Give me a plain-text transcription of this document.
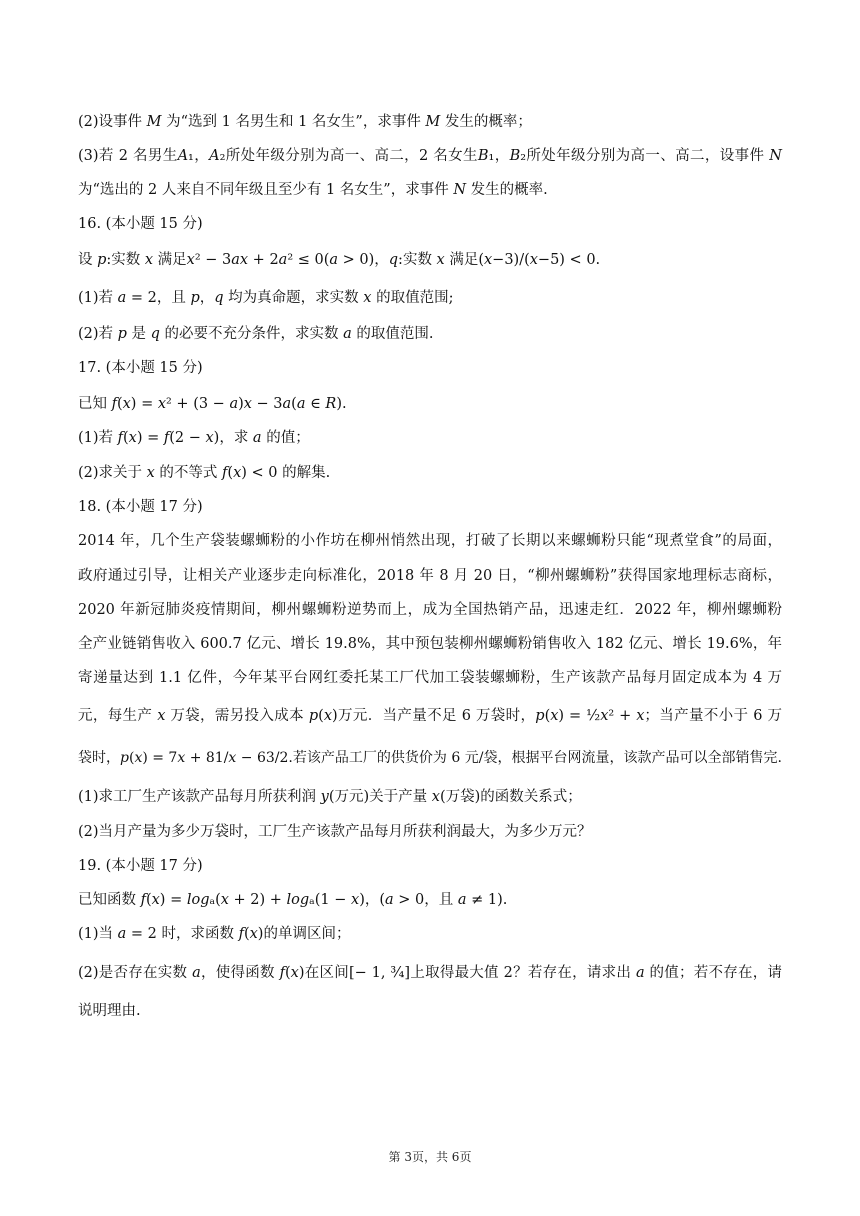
(2)设事件 𝑀 为“选到 1 名男生和 1 名女生”，求事件 𝑀 发生的概率；
(3)若 2 名男生𝐴₁，𝐴₂所处年级分别为高一、高二，2 名女生𝐵₁，𝐵₂所处年级分别为高一、高二，设事件 𝑁
为“选出的 2 人来自不同年级且至少有 1 名女生”，求事件 𝑁 发生的概率.
16. (本小题 15 分)
设 𝑝:实数 𝑥 满足𝑥² − 3𝑎𝑥 + 2𝑎² ≤ 0(𝑎 > 0)，𝑞:实数 𝑥 满足(𝑥−3)/(𝑥−5) < 0.
(1)若 𝑎 = 2，且 𝑝，𝑞 均为真命题，求实数 𝑥 的取值范围;
(2)若 𝑝 是 𝑞 的必要不充分条件，求实数 𝑎 的取值范围.
17. (本小题 15 分)
已知 𝑓(𝑥) = 𝑥² + (3 − 𝑎)𝑥 − 3𝑎(𝑎 ∈ 𝑅).
(1)若 𝑓(𝑥) = 𝑓(2 − 𝑥)，求 𝑎 的值；
(2)求关于 𝑥 的不等式 𝑓(𝑥) < 0 的解集.
18. (本小题 17 分)
2014 年，几个生产袋装螺蛳粉的小作坊在柳州悄然出现，打破了长期以来螺蛳粉只能“现煮堂食”的局面，
政府通过引导，让相关产业逐步走向标准化，2018 年 8 月 20 日，“柳州螺蛳粉”获得国家地理标志商标，
2020 年新冠肺炎疫情期间，柳州螺蛳粉逆势而上，成为全国热销产品，迅速走红．2022 年，柳州螺蛳粉
全产业链销售收入 600.7 亿元、增长 19.8%，其中预包装柳州螺蛳粉销售收入 182 亿元、增长 19.6%，年
寄递量达到 1.1 亿件，今年某平台网红委托某工厂代加工袋装螺蛳粉，生产该款产品每月固定成本为 4 万
元，每生产 𝑥 万袋，需另投入成本 𝑝(𝑥)万元．当产量不足 6 万袋时，𝑝(𝑥) = ½𝑥² + 𝑥；当产量不小于 6 万
袋时，𝑝(𝑥) = 7𝑥 + 81/𝑥 − 63/2.若该产品工厂的供货价为 6 元/袋，根据平台网流量，该款产品可以全部销售完.
(1)求工厂生产该款产品每月所获利润 𝑦(万元)关于产量 𝑥(万袋)的函数关系式；
(2)当月产量为多少万袋时，工厂生产该款产品每月所获利润最大，为多少万元？
19. (本小题 17 分)
已知函数 𝑓(𝑥) = 𝑙𝑜𝑔ₐ(𝑥 + 2) + 𝑙𝑜𝑔ₐ(1 − 𝑥)，(𝑎 > 0，且 𝑎 ≠ 1).
(1)当 𝑎 = 2 时，求函数 𝑓(𝑥)的单调区间；
(2)是否存在实数 𝑎，使得函数 𝑓(𝑥)在区间[− 1, ¾]上取得最大值 2？若存在，请求出 𝑎 的值；若不存在，请
说明理由.
第 3页，共 6页
